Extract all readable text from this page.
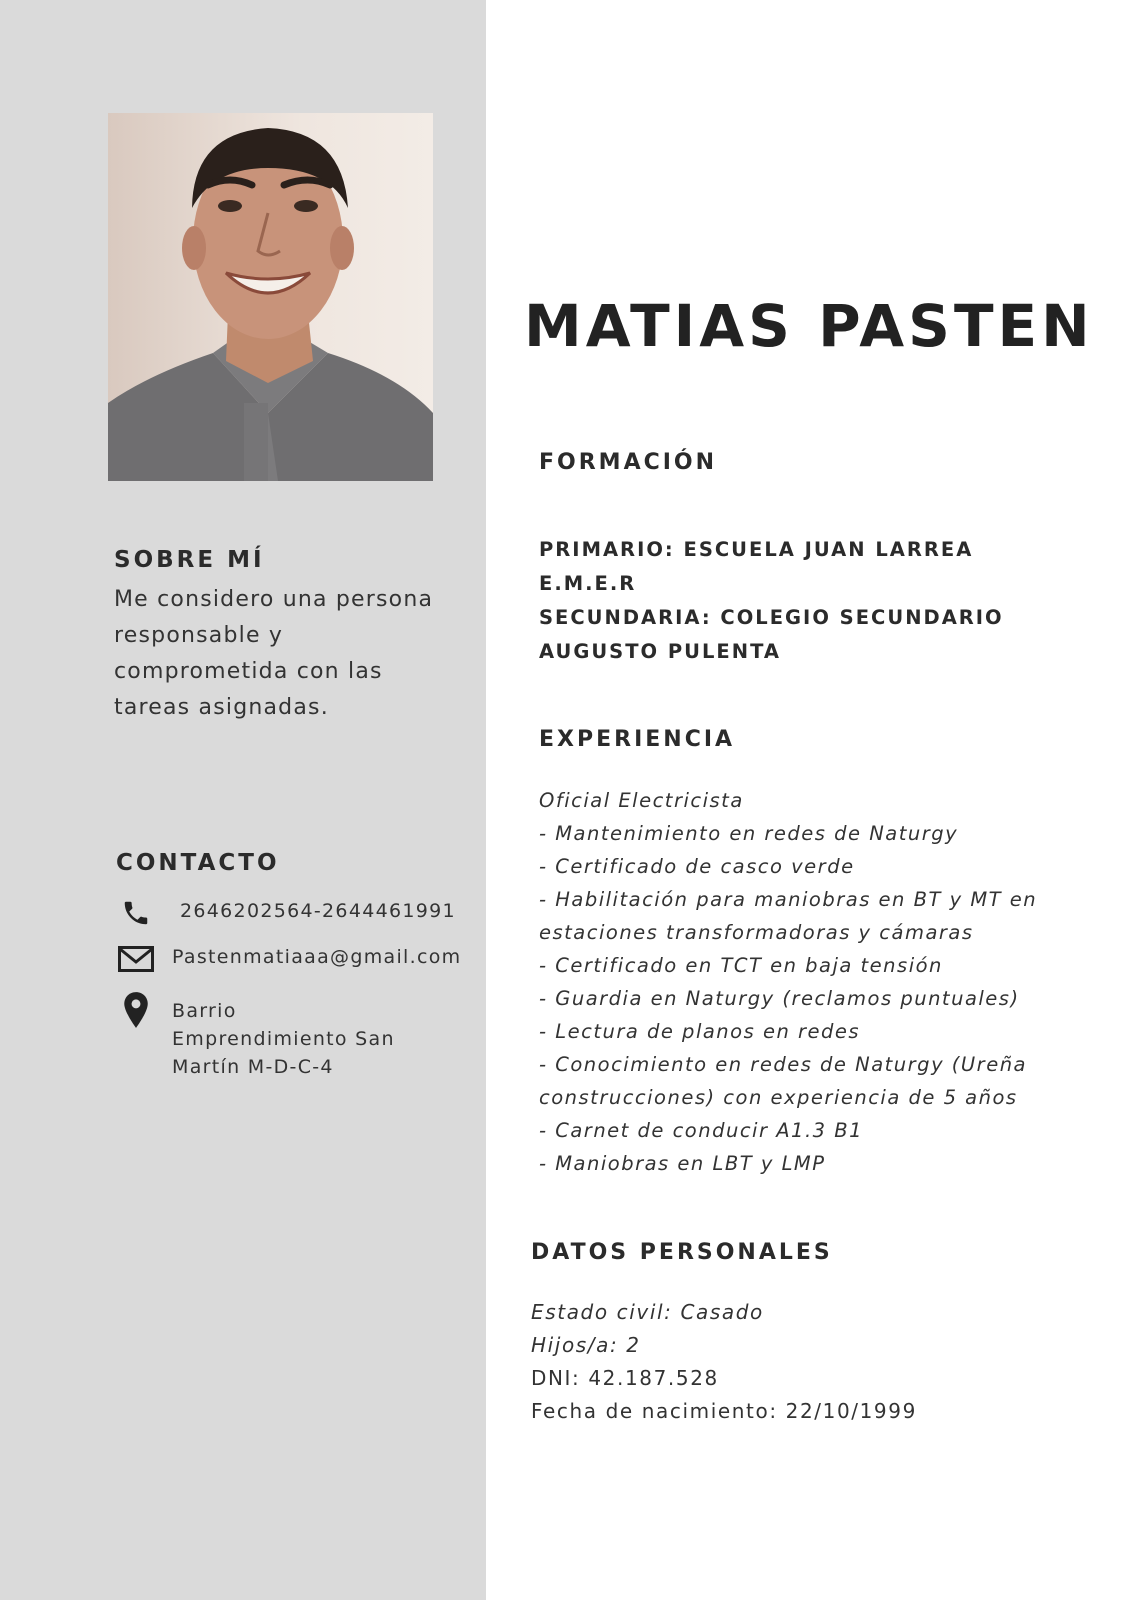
SOBRE MÍ

Me considero una persona responsable y comprometida con las tareas asignadas.

CONTACTO
2646202564-2644461991
Pastenmatiaaa@gmail.com
Barrio
Emprendimiento San
Martín M-D-C-4
MATIAS PASTEN
FORMACIÓN
PRIMARIO: ESCUELA JUAN LARREA
E.M.E.R
SECUNDARIA: COLEGIO SECUNDARIO
AUGUSTO PULENTA
EXPERIENCIA
Oficial Electricista
- Mantenimiento en redes de Naturgy
- Certificado de casco verde
- Habilitación para maniobras en BT y MT en
estaciones transformadoras y cámaras
- Certificado en TCT en baja tensión
- Guardia en Naturgy (reclamos puntuales)
- Lectura de planos en redes
- Conocimiento en redes de Naturgy (Ureña
construcciones) con experiencia de 5 años
- Carnet de conducir A1.3 B1
- Maniobras en LBT y LMP
DATOS PERSONALES
Estado civil: Casado
Hijos/a: 2
DNI: 42.187.528
Fecha de nacimiento: 22/10/1999
